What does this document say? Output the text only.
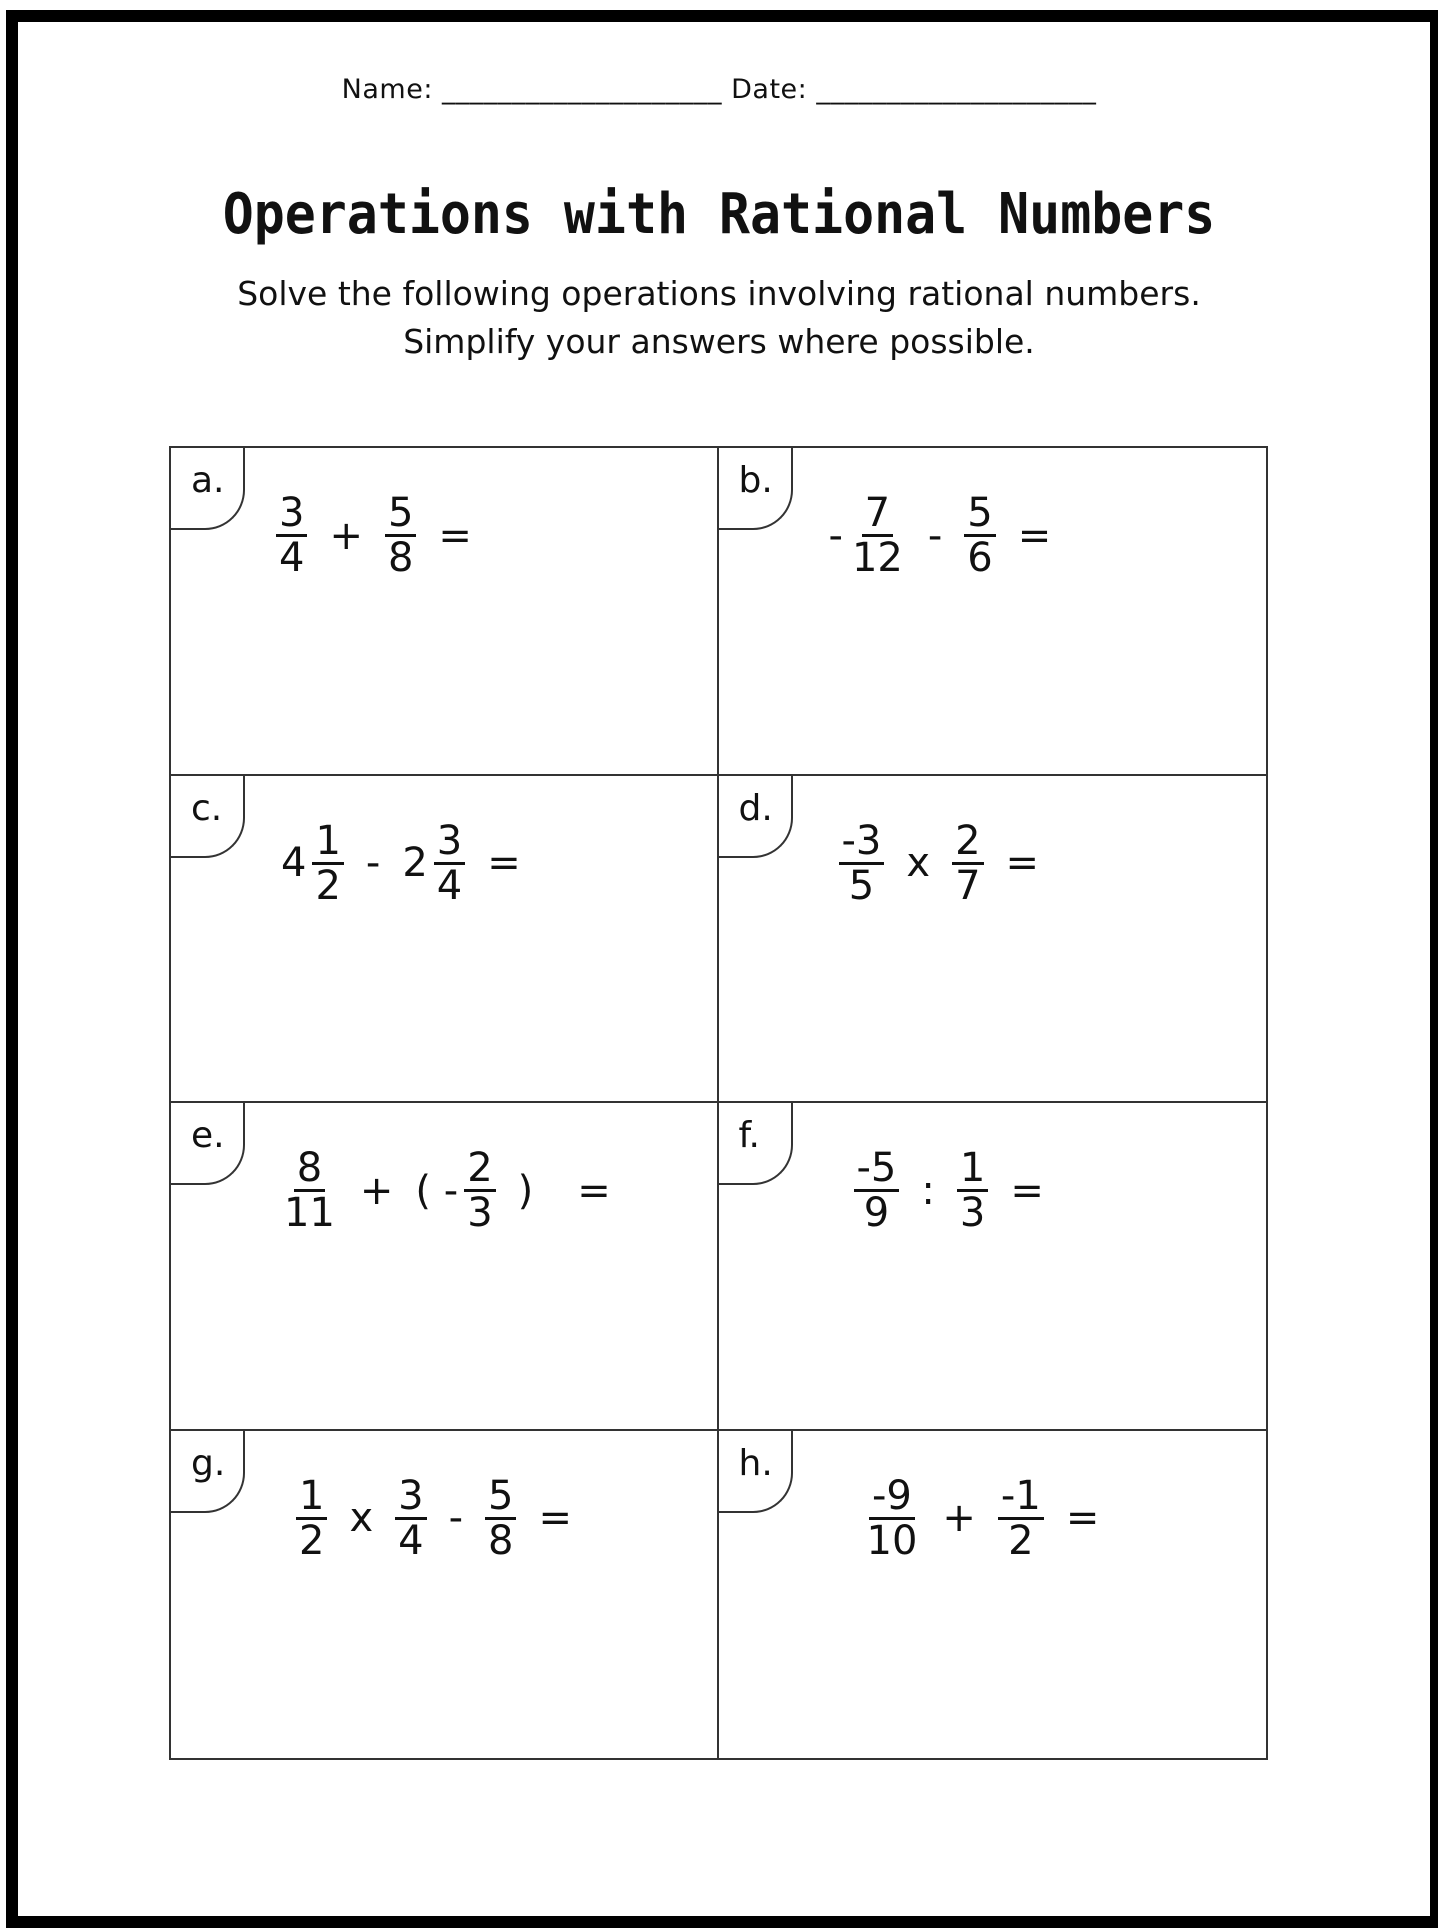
Name: ____________________ Date: ____________________
Operations with Rational Numbers
Solve the following operations involving rational numbers.
Simplify your answers where possible.
a.
$\frac{3}{4} + \frac{5}{8}$ =
b.
- $\frac{7}{12} - \frac{5}{6}$ =
c.
$4 \frac{1}{2} - 2 \frac{3}{4}$ =
d.
$\frac{-3}{5}$ x $\frac{2}{7}$ =
e.
$\frac{8}{11}$ + ( - $\frac{2}{3}$ ) =
f.
$\frac{-5}{9}$ : $\frac{1}{3}$ =
g.
$\frac{1}{2}$ x $\frac{3}{4} - \frac{5}{8}$ =
h.
$\frac{-9}{10} + \frac{-1}{2}$ =
